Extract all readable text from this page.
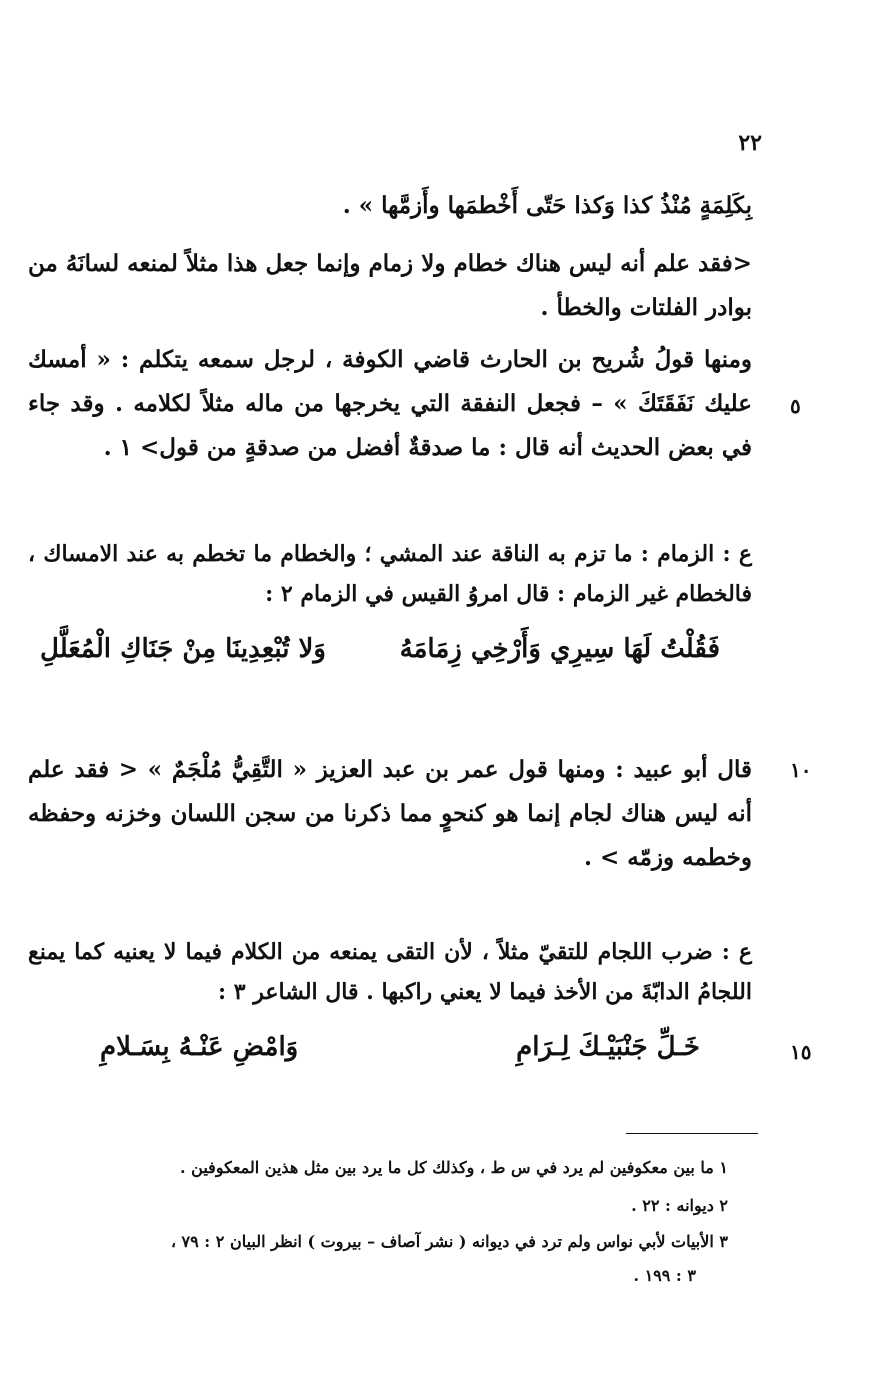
٢٢
بِكَلِمَةٍ مُنْذُ كذا وَكذا حَتّى أَخْطمَها وأَزمَّها » .
<فقد علم أنه ليس هناك خطام ولا زمام وإنما جعل هذا مثلاً لمنعه لسانَهُ من بوادر الفلتات والخطأ .
ومنها قولُ شُريح بن الحارث قاضي الكوفة ، لرجل سمعه يتكلم : « أمسك عليك نَفَقَتَكَ » – فجعل النفقة التي يخرجها من ماله مثلاً لكلامه . وقد جاء في بعض الحديث أنه قال : ما صدقةٌ أفضل من صدقةٍ من قول> ١ .
٥
ع : الزمام : ما تزم به الناقة عند المشي ؛ والخطام ما تخطم به عند الامساك ، فالخطام غير الزمام : قال امروُ القيس في الزمام ٢ :
فَقُلْتُ لَهَا سِيرِي وَأَرْخِي زِمَامَهُ
وَلا تُبْعِدِينَا مِنْ جَنَاكِ الْمُعَلَّلِ
قال أبو عبيد : ومنها قول عمر بن عبد العزيز « التَّقِيُّ مُلْجَمٌ » < فقد علم أنه ليس هناك لجام إنما هو كنحوٍ مما ذكرنا من سجن اللسان وخزنه وحفظه وخطمه وزمّه > .
١٠
ع : ضرب اللجام للتقيّ مثلاً ، لأن التقى يمنعه من الكلام فيما لا يعنيه كما يمنع اللجامُ الدابّةَ من الأخذ فيما لا يعني راكبها . قال الشاعر ٣ :
خَـلِّ جَنْبَيْـكَ لِـرَامِ
وَامْضِ عَنْـهُ بِسَـلامِ	١٥
١ ما بين معكوفين لم يرد في س ط ، وكذلك كل ما يرد بين مثل هذين المعكوفين .
٢ ديوانه : ٢٢ .
٣ الأبيات لأبي نواس ولم ترد في ديوانه ( نشر آصاف – بيروت ) انظر البيان ٢ : ٧٩ ،
٣ : ١٩٩ .
